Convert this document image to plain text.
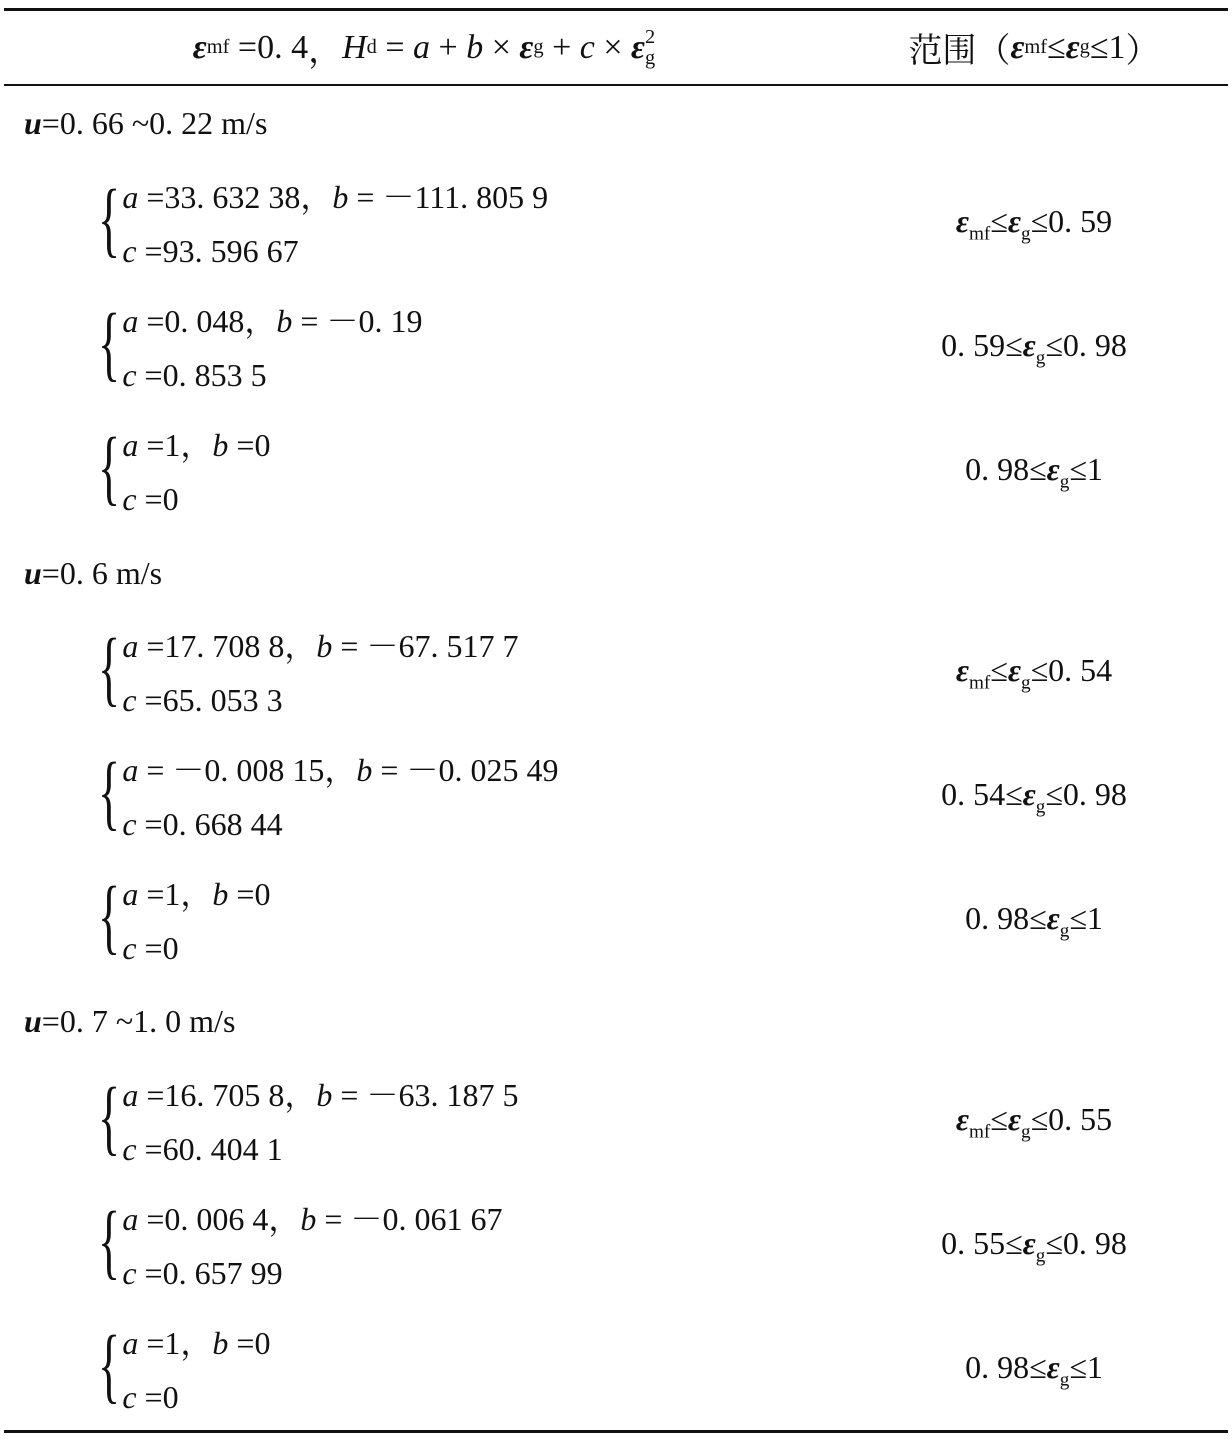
ε mf = 0. 4 ， H d = a + b × ε g + c × ε 2
g	范围 （ ε mf ≤ ε g ≤ 1 ）
u=0. 66 ~0. 22 m/s
{ a =33. 632 38，b = －111. 805 9
c =93. 596 67
$\varepsilon_{mf}\le\varepsilon_g\le 0$. 59
{ a =0. 048，b = －0. 19
c =0. 853 5
0. $59\le\varepsilon_g\le 0$. 98
{ a =1，b =0
c =0
0. $98\le\varepsilon_g\le 1$
u=0. 6 m/s
{ a =17. 708 8，b = －67. 517 7
c =65. 053 3
$\varepsilon_{mf}\le\varepsilon_g\le 0$. 54
{ a = －0. 008 15，b = －0. 025 49
c =0. 668 44
0. $54\le\varepsilon_g\le 0$. 98
{ a =1，b =0
c =0
0. $98\le\varepsilon_g\le 1$
u=0. 7 ~1. 0 m/s
{ a =16. 705 8，b = －63. 187 5
c =60. 404 1
$\varepsilon_{mf}\le\varepsilon_g\le 0$. 55
{ a =0. 006 4，b = －0. 061 67
c =0. 657 99
0. $55\le\varepsilon_g\le 0$. 98
{ a =1，b =0
c =0
0. $98\le\varepsilon_g\le 1$
